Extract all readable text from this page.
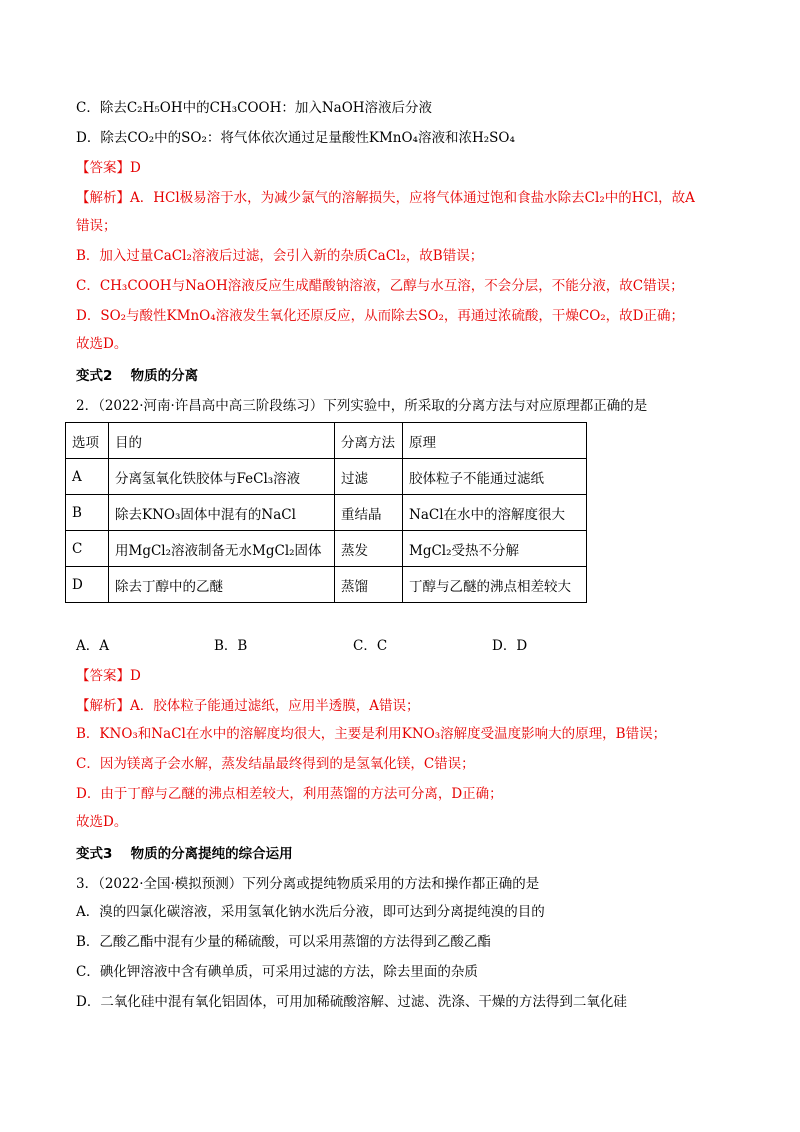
C．除去C₂H₅OH中的CH₃COOH：加入NaOH溶液后分液
D．除去CO₂中的SO₂：将气体依次通过足量酸性KMnO₄溶液和浓H₂SO₄
【答案】D
【解析】A．HCl极易溶于水，为减少氯气的溶解损失，应将气体通过饱和食盐水除去Cl₂中的HCl，故A
错误；
B．加入过量CaCl₂溶液后过滤，会引入新的杂质CaCl₂，故B错误；
C．CH₃COOH与NaOH溶液反应生成醋酸钠溶液，乙醇与水互溶，不会分层，不能分液，故C错误；
D．SO₂与酸性KMnO₄溶液发生氧化还原反应，从而除去SO₂，再通过浓硫酸，干燥CO₂，故D正确；
故选D。
变式2　 物质的分离
2．（2022·河南·许昌高中高三阶段练习）下列实验中，所采取的分离方法与对应原理都正确的是
选项	目的	分离方法	原理
A	分离氢氧化铁胶体与FeCl₃溶液	过滤	胶体粒子不能通过滤纸
B	除去KNO₃固体中混有的NaCl	重结晶	NaCl在水中的溶解度很大
C	用MgCl₂溶液制备无水MgCl₂固体	蒸发	MgCl₂受热不分解
D	除去丁醇中的乙醚	蒸馏	丁醇与乙醚的沸点相差较大
A．A	B．B	C．C	D．D
【答案】D
【解析】A．胶体粒子能通过滤纸，应用半透膜，A错误；
B．KNO₃和NaCl在水中的溶解度均很大，主要是利用KNO₃溶解度受温度影响大的原理，B错误；
C．因为镁离子会水解，蒸发结晶最终得到的是氢氧化镁，C错误；
D．由于丁醇与乙醚的沸点相差较大，利用蒸馏的方法可分离，D正确；
故选D。
变式3　 物质的分离提纯的综合运用
3．（2022·全国·模拟预测）下列分离或提纯物质采用的方法和操作都正确的是
A．溴的四氯化碳溶液，采用氢氧化钠水洗后分液，即可达到分离提纯溴的目的
B．乙酸乙酯中混有少量的稀硫酸，可以采用蒸馏的方法得到乙酸乙酯
C．碘化钾溶液中含有碘单质，可采用过滤的方法，除去里面的杂质
D．二氧化硅中混有氧化铝固体，可用加稀硫酸溶解、过滤、洗涤、干燥的方法得到二氧化硅
